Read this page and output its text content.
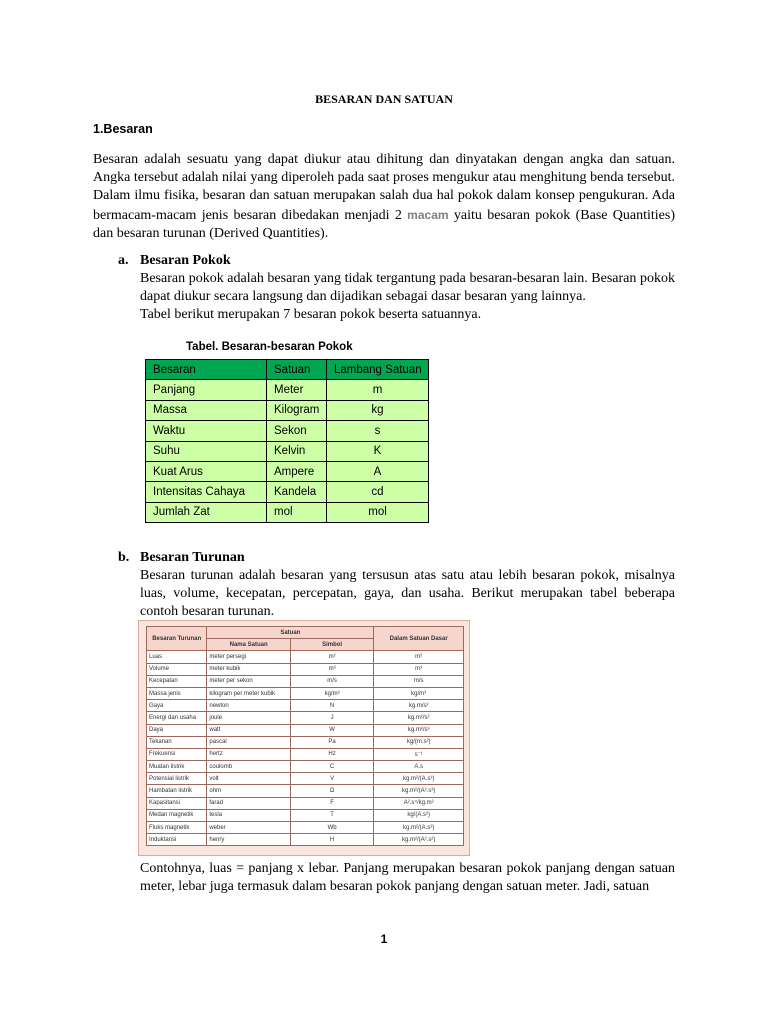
BESARAN DAN SATUAN
1.Besaran
Besaran adalah sesuatu yang dapat diukur atau dihitung dan dinyatakan dengan angka dan satuan. Angka tersebut adalah nilai yang diperoleh pada saat proses mengukur atau menghitung benda tersebut. Dalam ilmu fisika, besaran dan satuan merupakan salah dua hal pokok dalam konsep pengukuran. Ada bermacam-macam jenis besaran dibedakan menjadi 2 macam yaitu besaran pokok (Base Quantities) dan besaran turunan (Derived Quantities).
a. Besaran Pokok

Besaran pokok adalah besaran yang tidak tergantung pada besaran-besaran lain. Besaran pokok dapat diukur secara langsung dan dijadikan sebagai dasar besaran yang lainnya.

Tabel berikut merupakan 7 besaran pokok beserta satuannya.

Tabel. Besaran-besaran Pokok
Besaran	Satuan	Lambang Satuan
Panjang	Meter	m
Massa	Kilogram	kg
Waktu	Sekon	s
Suhu	Kelvin	K
Kuat Arus	Ampere	A
Intensitas Cahaya	Kandela	cd
Jumlah Zat	mol	mol
b. Besaran Turunan
Besaran turunan adalah besaran yang tersusun atas satu atau lebih besaran pokok, misalnya luas, volume, kecepatan, percepatan, gaya, dan usaha. Berikut merupakan tabel beberapa contoh besaran turunan.
Besaran Turunan	Satuan		Dalam Satuan Dasar
	Nama Satuan	Simbol	
Luas	meter persegi	m²	m²
Volume	meter kubik	m³	m³
Kecepatan	meter per sekon	m/s	m/s
Massa jenis	kilogram per meter kubik	kg/m³	kg/m³
Gaya	newton	N	kg.m/s²
Energi dan usaha	joule	J	kg.m²/s²
Daya	watt	W	kg.m²/s³
Tekanan	pascal	Pa	kg/(m.s²)
Frekuensi	hertz	Hz	s⁻¹
Muatan listrik	coulomb	C	A.s
Potensial listrik	volt	V	kg.m²/(A.s³)
Hambatan listrik	ohm	Ω	kg.m²/(A².s³)
Kapasitansi	farad	F	A².s⁴/kg.m²
Medan magnetik	tesla	T	kg/(A.s²)
Fluks magnetik	weber	Wb	kg.m²/(A.s²)
Induktansi	henry	H	kg.m²/(A².s²)
Contohnya, luas = panjang x lebar. Panjang merupakan besaran pokok panjang dengan satuan meter, lebar juga termasuk dalam besaran pokok panjang dengan satuan meter. Jadi, satuan
1
